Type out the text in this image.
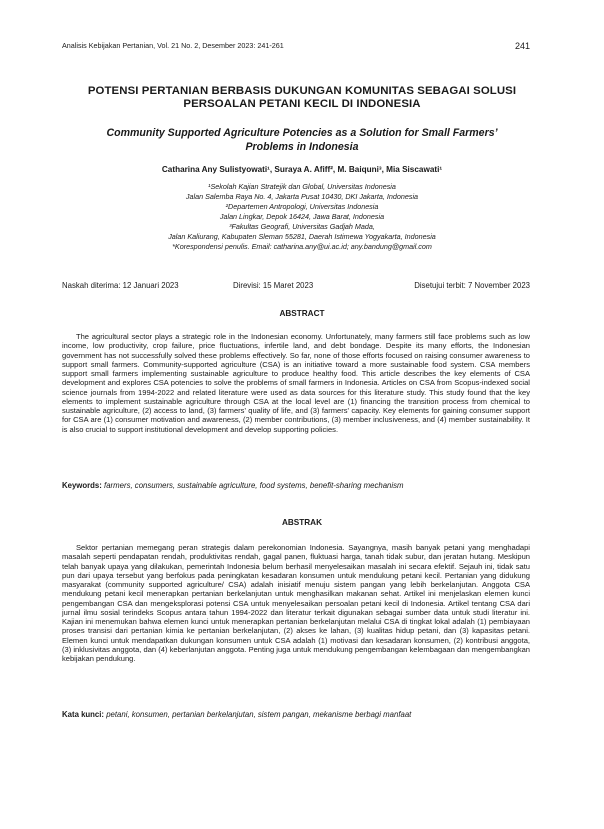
Analisis Kebijakan Pertanian, Vol. 21 No. 2, Desember 2023: 241-261	241
POTENSI PERTANIAN BERBASIS DUKUNGAN KOMUNITAS SEBAGAI SOLUSI
PERSOALAN PETANI KECIL DI INDONESIA
Community Supported Agriculture Potencies as a Solution for Small Farmers’
Problems in Indonesia
Catharina Any Sulistyowati¹, Suraya A. Afiff², M. Baiquni³, Mia Siscawati¹
¹Sekolah Kajian Stratejik dan Global, Universitas Indonesia
Jalan Salemba Raya No. 4, Jakarta Pusat 10430, DKI Jakarta, Indonesia
²Departemen Antropologi, Universitas Indonesia
Jalan Lingkar, Depok 16424, Jawa Barat, Indonesia
³Fakultas Geografi, Universitas Gadjah Mada,
Jalan Kaliurang, Kabupaten Sleman 55281, Daerah Istimewa Yogyakarta, Indonesia
*Korespondensi penulis. Email: catharina.any@ui.ac.id; any.bandung@gmail.com
Naskah diterima: 12 Januari 2023	Direvisi: 15 Maret 2023	Disetujui terbit: 7 November 2023
ABSTRACT

The agricultural sector plays a strategic role in the Indonesian economy. Unfortunately, many farmers still face problems such as low income, low productivity, crop failure, price fluctuations, infertile land, and debt bondage. Despite its many efforts, the Indonesian government has not successfully solved these problems effectively. So far, none of those efforts focused on raising consumer awareness to support small farmers. Community-supported agriculture (CSA) is an initiative toward a more sustainable food system. CSA members support small farmers implementing sustainable agriculture to produce healthy food. This article describes the key elements of CSA development and explores CSA potencies to solve the problems of small farmers in Indonesia. Articles on CSA from Scopus-indexed social science journals from 1994-2022 and related literature were used as data sources for this literature study. This study found that the key elements to implement sustainable agriculture through CSA at the local level are (1) financing the transition process from chemical to sustainable agriculture, (2) access to land, (3) farmers' quality of life, and (3) farmers' capacity. Key elements for gaining consumer support for CSA are (1) consumer motivation and awareness, (2) member contributions, (3) member inclusiveness, and (4) member sustainability. It is also crucial to support institutional development and develop supporting policies.

Keywords: farmers, consumers, sustainable agriculture, food systems, benefit-sharing mechanism
ABSTRAK

Sektor pertanian memegang peran strategis dalam perekonomian Indonesia. Sayangnya, masih banyak petani yang menghadapi masalah seperti pendapatan rendah, produktivitas rendah, gagal panen, fluktuasi harga, tanah tidak subur, dan jeratan hutang. Meskipun telah banyak upaya yang dilakukan, pemerintah Indonesia belum berhasil menyelesaikan masalah ini secara efektif. Sejauh ini, tidak satu pun dari upaya tersebut yang berfokus pada peningkatan kesadaran konsumen untuk mendukung petani kecil. Pertanian yang didukung masyarakat (community supported agriculture/ CSA) adalah inisiatif menuju sistem pangan yang lebih berkelanjutan. Anggota CSA mendukung petani kecil menerapkan pertanian berkelanjutan untuk menghasilkan makanan sehat. Artikel ini menjelaskan elemen kunci pengembangan CSA dan mengeksplorasi potensi CSA untuk menyelesaikan persoalan petani kecil di Indonesia. Artikel tentang CSA dari jurnal ilmu sosial terindeks Scopus antara tahun 1994-2022 dan literatur terkait digunakan sebagai sumber data untuk studi literatur ini. Kajian ini menemukan bahwa elemen kunci untuk menerapkan pertanian berkelanjutan melalui CSA di tingkat lokal adalah (1) pembiayaan proses transisi dari pertanian kimia ke pertanian berkelanjutan, (2) akses ke lahan, (3) kualitas hidup petani, dan (3) kapasitas petani. Elemen kunci untuk mendapatkan dukungan konsumen untuk CSA adalah (1) motivasi dan kesadaran konsumen, (2) kontribusi anggota, (3) inklusivitas anggota, dan (4) keberlanjutan anggota. Penting juga untuk mendukung pengembangan kelembagaan dan mengembangkan kebijakan pendukung.

Kata kunci: petani, konsumen, pertanian berkelanjutan, sistem pangan, mekanisme berbagi manfaat
